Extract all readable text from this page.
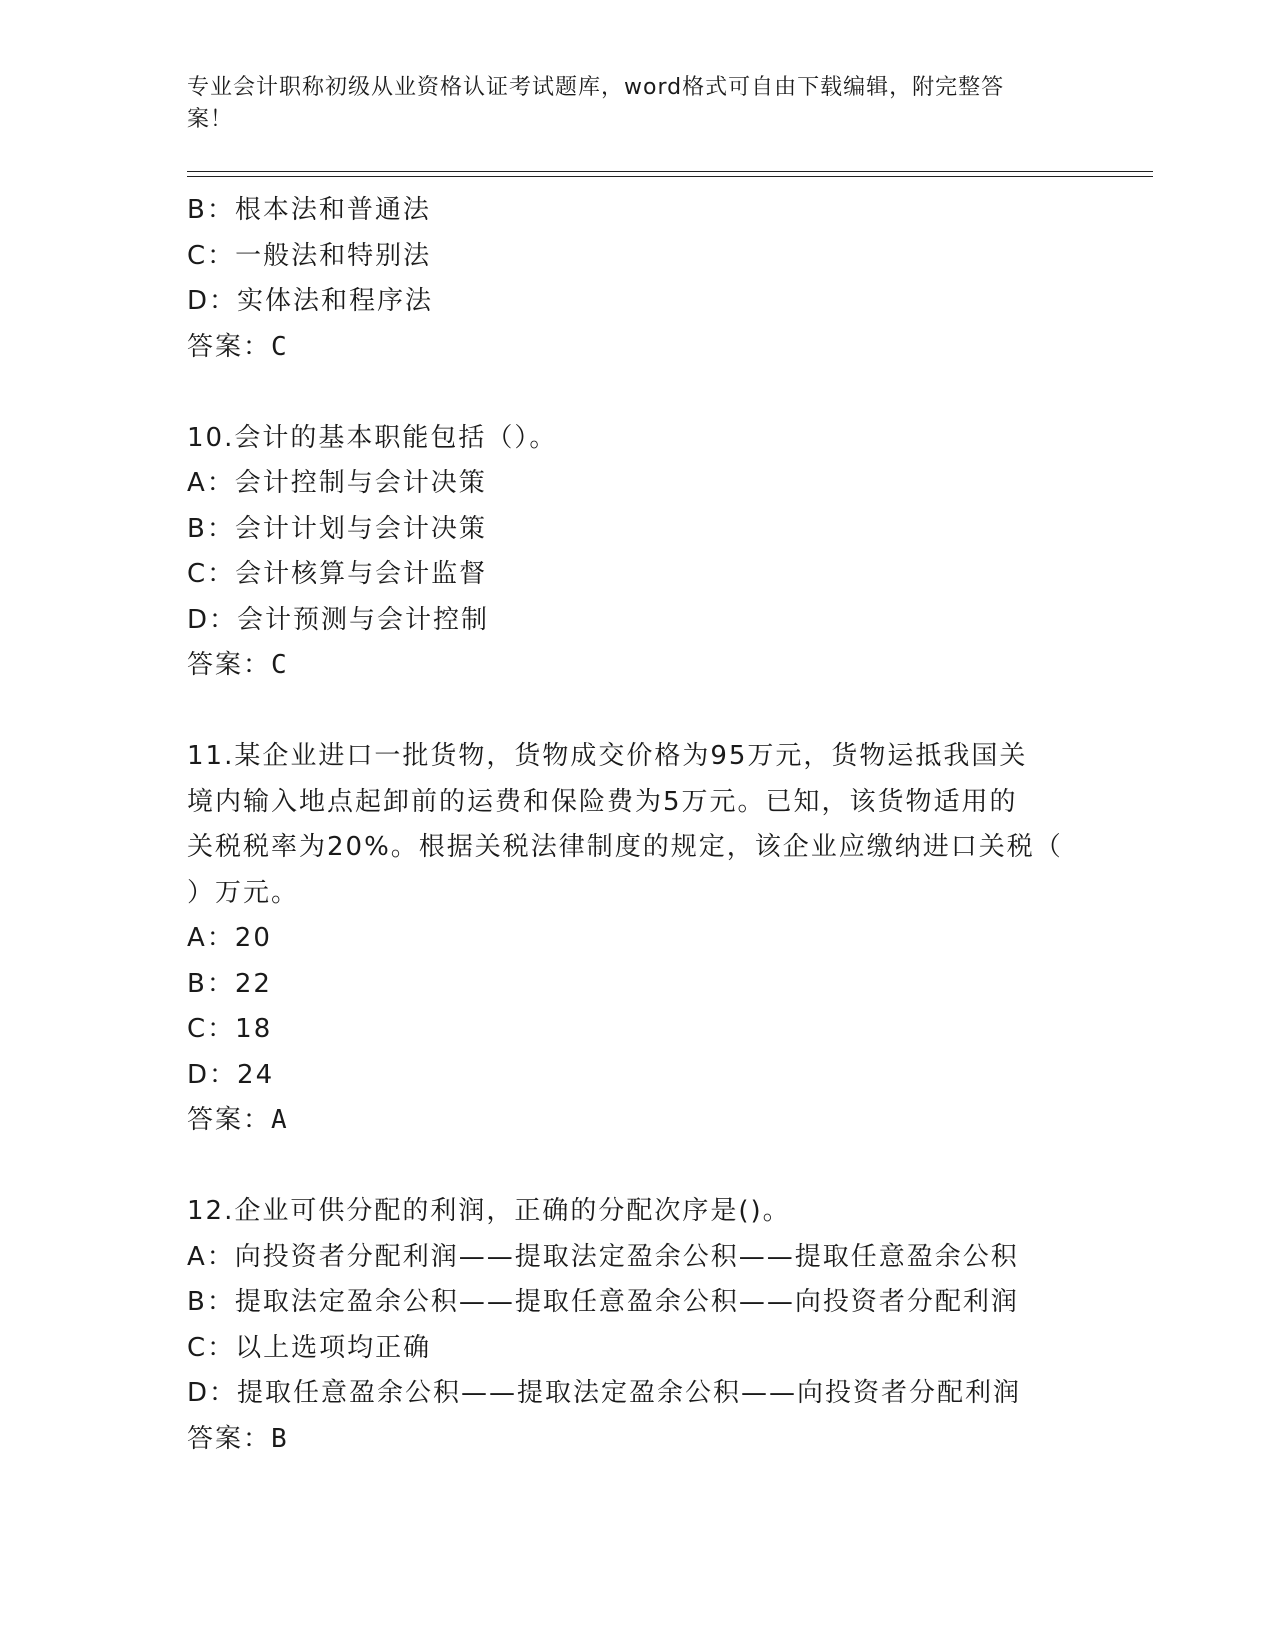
专业会计职称初级从业资格认证考试题库，word格式可自由下载编辑，附完整答
案！
B：根本法和普通法
C：一般法和特别法
D：实体法和程序法
答案：C
10.会计的基本职能包括（）。
A：会计控制与会计决策
B：会计计划与会计决策
C：会计核算与会计监督
D：会计预测与会计控制
答案：C
11.某企业进口一批货物，货物成交价格为95万元，货物运抵我国关
境内输入地点起卸前的运费和保险费为5万元。已知，该货物适用的
关税税率为20%。根据关税法律制度的规定，该企业应缴纳进口关税（
）万元。
A：20
B：22
C：18
D：24
答案：A
12.企业可供分配的利润，正确的分配次序是()。
A：向投资者分配利润——提取法定盈余公积——提取任意盈余公积
B：提取法定盈余公积——提取任意盈余公积——向投资者分配利润
C：以上选项均正确
D：提取任意盈余公积——提取法定盈余公积——向投资者分配利润
答案：B
